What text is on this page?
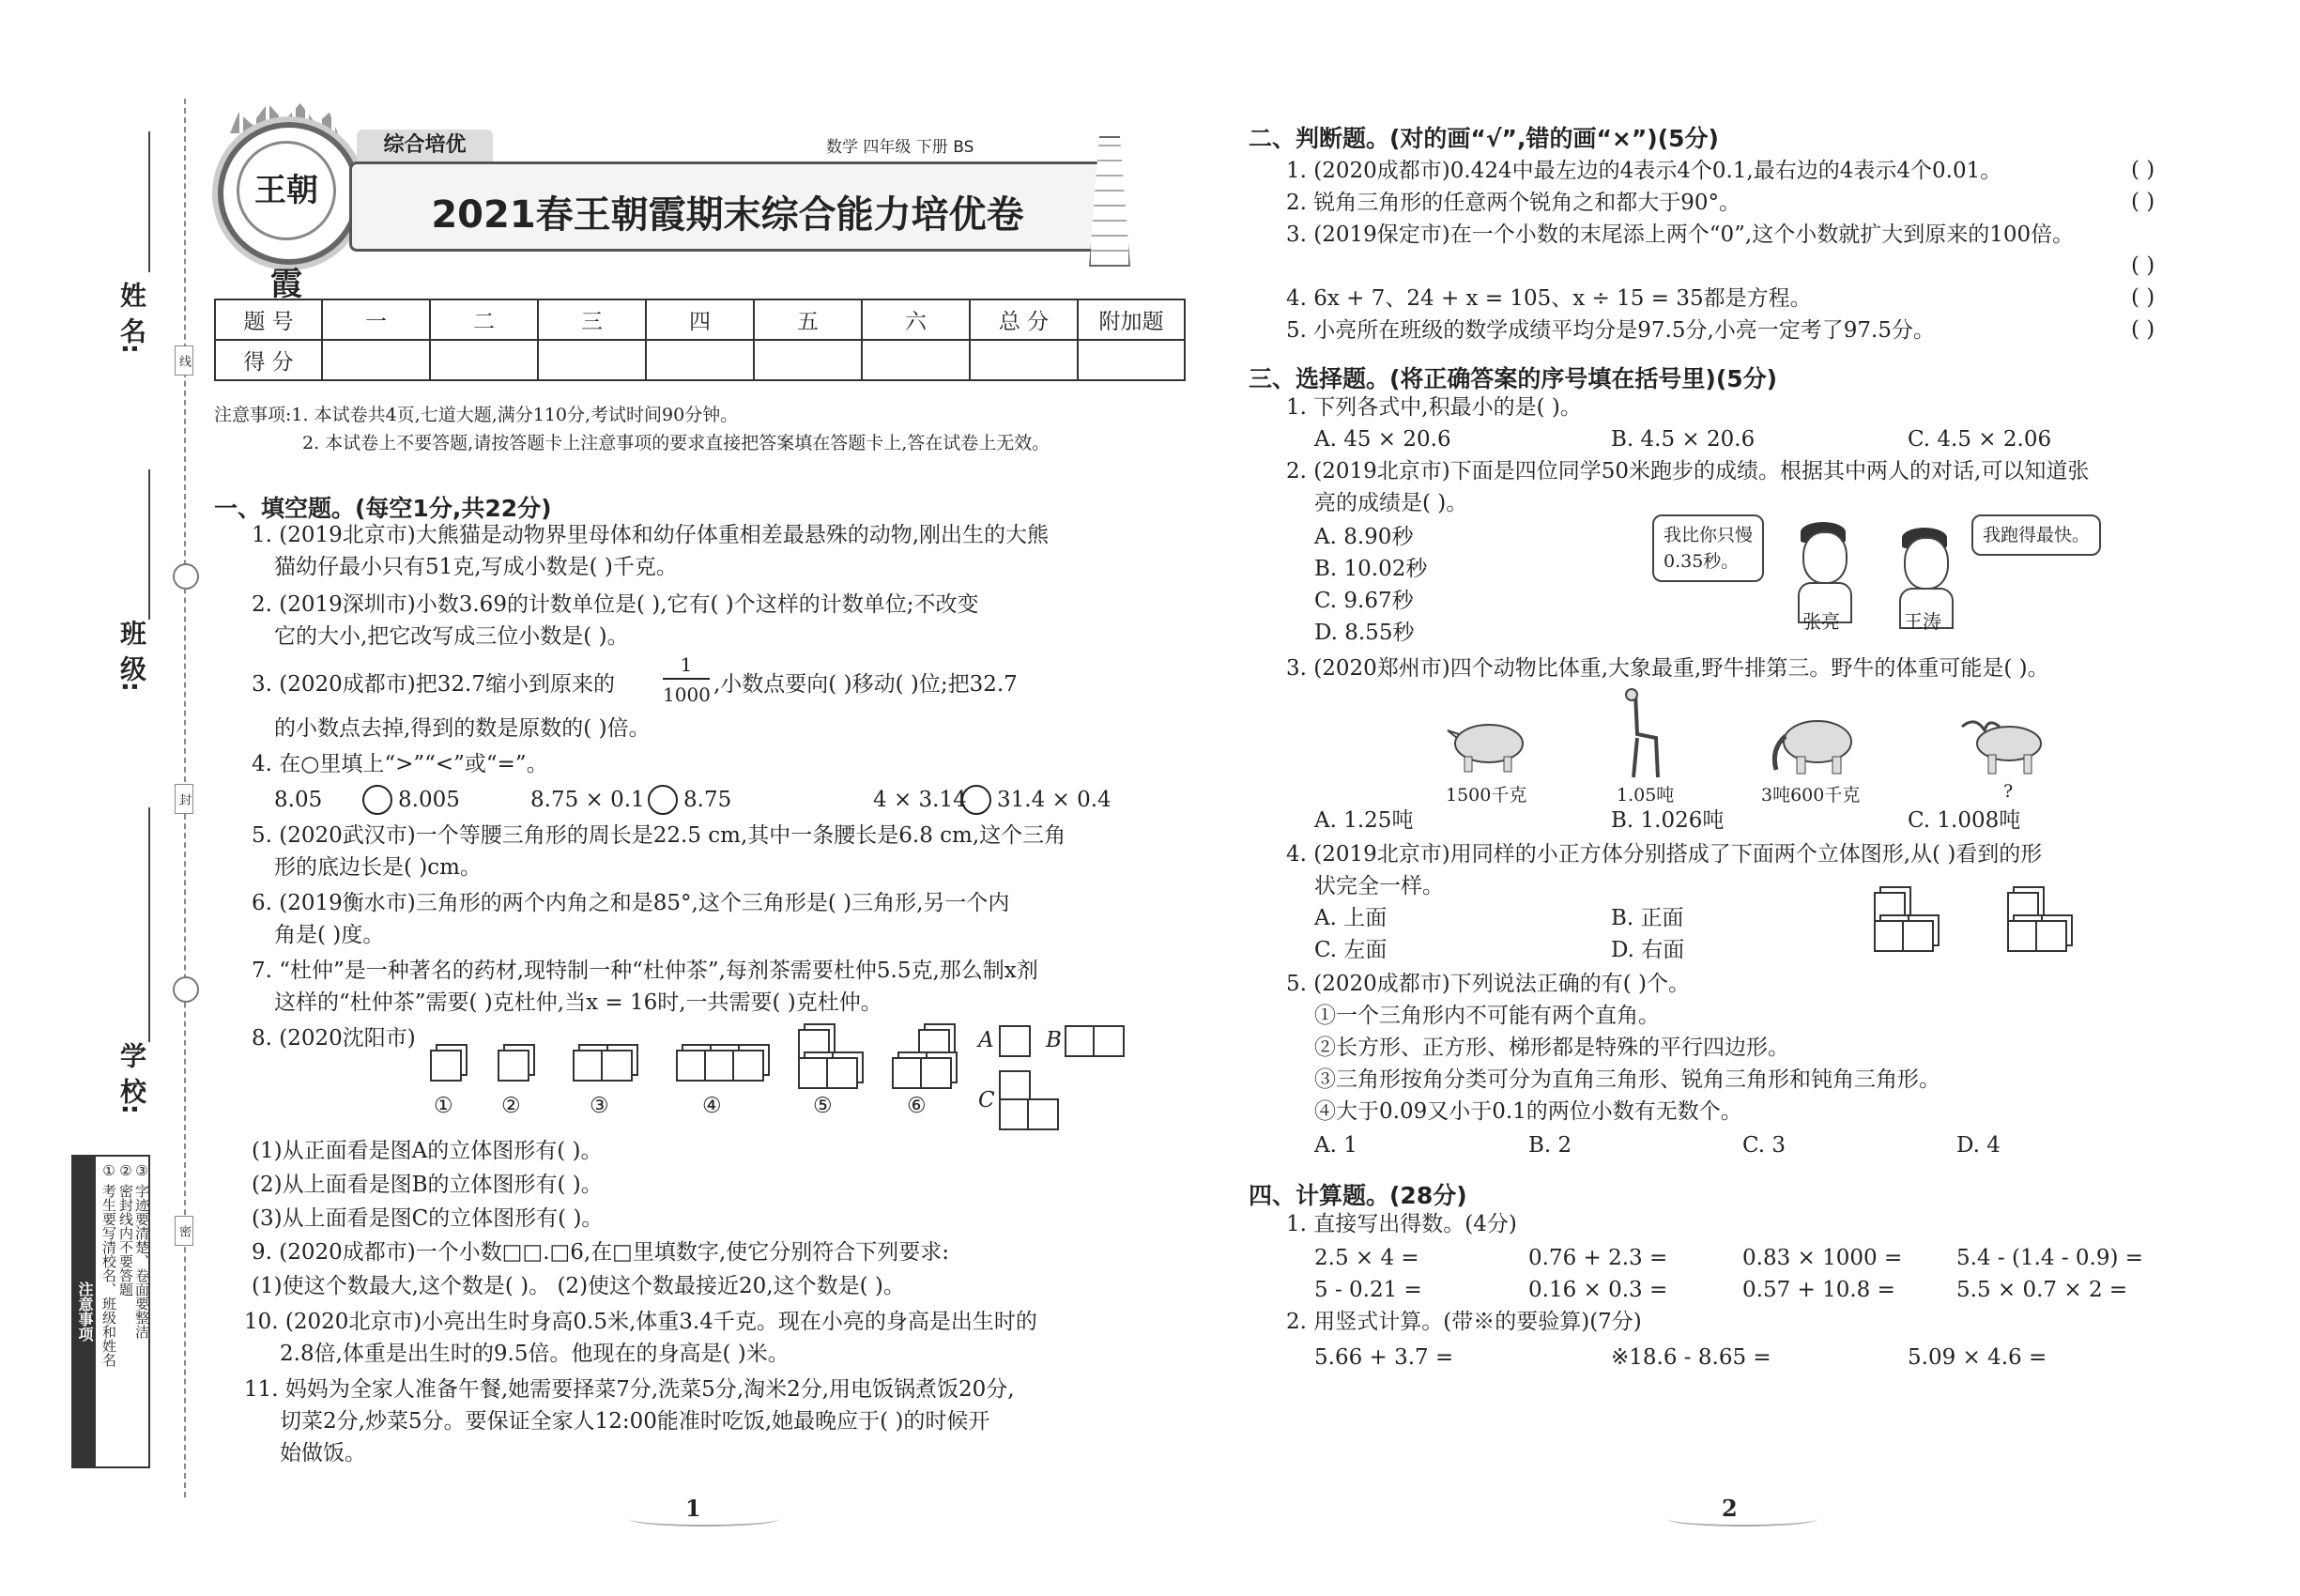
姓 名:
班 级:
学 校:
线
封
密
注意事项 ① 考生要写清校名、班级和姓名 ② 密封线内不要答题 ③ 字迹要清楚、卷面要整洁
王朝霞
综合培优	数学 四年级 下册 BS
2021春王朝霞期末综合能力培优卷
题 号	一	二	三	四	五	六	总 分	附加题
得 分								
注意事项:1. 本试卷共4页,七道大题,满分110分,考试时间90分钟。
2. 本试卷上不要答题,请按答题卡上注意事项的要求直接把答案填在答题卡上,答在试卷上无效。
一、填空题。(每空1分,共22分)
1. (2019北京市)大熊猫是动物界里母体和幼仔体重相差最悬殊的动物,刚出生的大熊
猫幼仔最小只有51克,写成小数是( )千克。
2. (2019深圳市)小数3.69的计数单位是( ),它有( )个这样的计数单位;不改变
它的大小,把它改写成三位小数是( )。
3. (2020成都市)把32.7缩小到原来的
1
1000 ,小数点要向( )移动( )位;把32.7
的小数点去掉,得到的数是原数的( )倍。
4. 在○里填上“>”“<”或“=”。
8.05	8.005	8.75 × 0.1 8.75	4 × 3.14 31.4 × 0.4
5. (2020武汉市)一个等腰三角形的周长是22.5 cm,其中一条腰长是6.8 cm,这个三角
形的底边长是( )cm。
6. (2019衡水市)三角形的两个内角之和是85°,这个三角形是( )三角形,另一个内
角是( )度。
7. “杜仲”是一种著名的药材,现特制一种“杜仲茶”,每剂茶需要杜仲5.5克,那么制x剂
这样的“杜仲茶”需要( )克杜仲,当x = 16时,一共需要( )克杜仲。
8. (2020沈阳市)
① ②	③	④	⑤	⑥
A B
C
(1)从正面看是图A的立体图形有( )。
(2)从上面看是图B的立体图形有( )。
(3)从上面看是图C的立体图形有( )。
9. (2020成都市)一个小数□□.□6,在□里填数字,使它分别符合下列要求:
(1)使这个数最大,这个数是( )。 (2)使这个数最接近20,这个数是( )。
10. (2020北京市)小亮出生时身高0.5米,体重3.4千克。现在小亮的身高是出生时的
2.8倍,体重是出生时的9.5倍。他现在的身高是( )米。
11. 妈妈为全家人准备午餐,她需要择菜7分,洗菜5分,淘米2分,用电饭锅煮饭20分,
切菜2分,炒菜5分。要保证全家人12:00能准时吃饭,她最晚应于( )的时候开
始做饭。
1
二、判断题。(对的画“√”,错的画“×”)(5分)
1. (2020成都市)0.424中最左边的4表示4个0.1,最右边的4表示4个0.01。	( )
2. 锐角三角形的任意两个锐角之和都大于90°。	( )
3. (2019保定市)在一个小数的末尾添上两个“0”,这个小数就扩大到原来的100倍。
( )
4. 6x + 7、24 + x = 105、x ÷ 15 = 35都是方程。	( )
5. 小亮所在班级的数学成绩平均分是97.5分,小亮一定考了97.5分。	( )
三、选择题。(将正确答案的序号填在括号里)(5分)
1. 下列各式中,积最小的是( )。
A. 45 × 20.6	B. 4.5 × 20.6	C. 4.5 × 2.06
2. (2019北京市)下面是四位同学50米跑步的成绩。根据其中两人的对话,可以知道张
亮的成绩是( )。
A. 8.90秒
B. 10.02秒
C. 9.67秒
D. 8.55秒
我比你只慢
0.35秒。
张亮	王涛
我跑得最快。
3. (2020郑州市)四个动物比体重,大象最重,野牛排第三。野牛的体重可能是( )。
1500千克	1.05吨	3吨600千克	?
A. 1.25吨	B. 1.026吨	C. 1.008吨
4. (2019北京市)用同样的小正方体分别搭成了下面两个立体图形,从( )看到的形
状完全一样。
A. 上面	B. 正面
C. 左面	D. 右面
5. (2020成都市)下列说法正确的有( )个。
①一个三角形内不可能有两个直角。
②长方形、正方形、梯形都是特殊的平行四边形。
③三角形按角分类可分为直角三角形、锐角三角形和钝角三角形。
④大于0.09又小于0.1的两位小数有无数个。
A. 1	B. 2	C. 3	D. 4
四、计算题。(28分)
1. 直接写出得数。(4分)
2.5 × 4 =	0.76 + 2.3 =	0.83 × 1000 =	5.4 - (1.4 - 0.9) =
5 - 0.21 =	0.16 × 0.3 =	0.57 + 10.8 =	5.5 × 0.7 × 2 =
2. 用竖式计算。(带※的要验算)(7分)
5.66 + 3.7 =	※18.6 - 8.65 =	5.09 × 4.6 =
2
